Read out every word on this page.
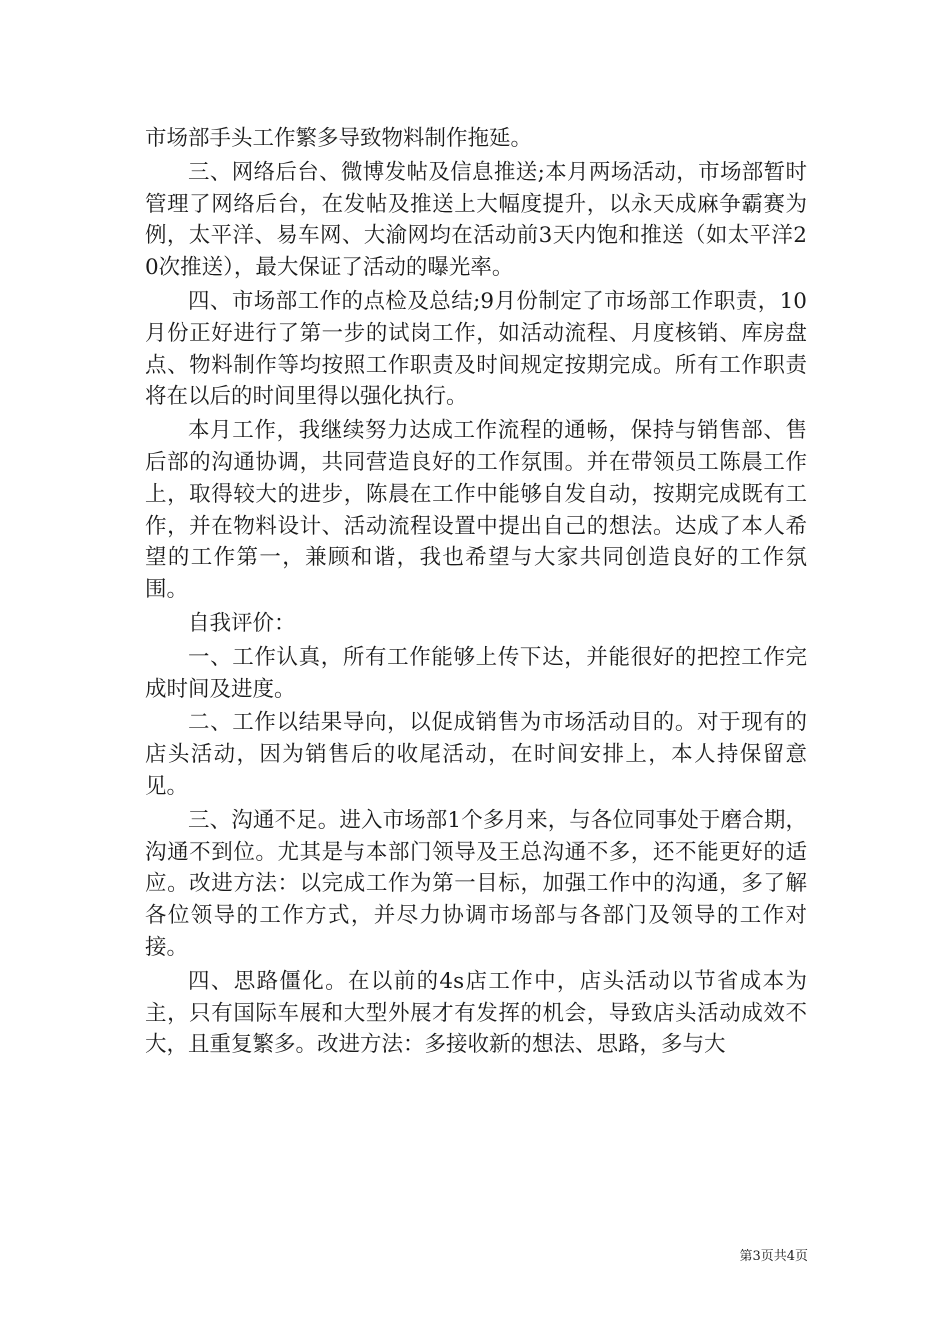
市场部手头工作繁多导致物料制作拖延。

三、网络后台、微博发帖及信息推送;本月两场活动，市场部暂时管理了网络后台，在发帖及推送上大幅度提升，以永天成麻争霸赛为例，太平洋、易车网、大渝网均在活动前3天内饱和推送（如太平洋20次推送），最大保证了活动的曝光率。

四、市场部工作的点检及总结;9月份制定了市场部工作职责，10月份正好进行了第一步的试岗工作，如活动流程、月度核销、库房盘点、物料制作等均按照工作职责及时间规定按期完成。所有工作职责将在以后的时间里得以强化执行。

本月工作，我继续努力达成工作流程的通畅，保持与销售部、售后部的沟通协调，共同营造良好的工作氛围。并在带领员工陈晨工作上，取得较大的进步，陈晨在工作中能够自发自动，按期完成既有工作，并在物料设计、活动流程设置中提出自己的想法。达成了本人希望的工作第一，兼顾和谐，我也希望与大家共同创造良好的工作氛围。

自我评价：

一、工作认真，所有工作能够上传下达，并能很好的把控工作完成时间及进度。

二、工作以结果导向，以促成销售为市场活动目的。对于现有的店头活动，因为销售后的收尾活动，在时间安排上，本人持保留意见。

三、沟通不足。进入市场部1个多月来，与各位同事处于磨合期，沟通不到位。尤其是与本部门领导及王总沟通不多，还不能更好的适应。改进方法：以完成工作为第一目标，加强工作中的沟通，多了解各位领导的工作方式，并尽力协调市场部与各部门及领导的工作对接。

四、思路僵化。在以前的4s店工作中，店头活动以节省成本为主，只有国际车展和大型外展才有发挥的机会，导致店头活动成效不大，且重复繁多。改进方法：多接收新的想法、思路，多与大

第3页共4页
